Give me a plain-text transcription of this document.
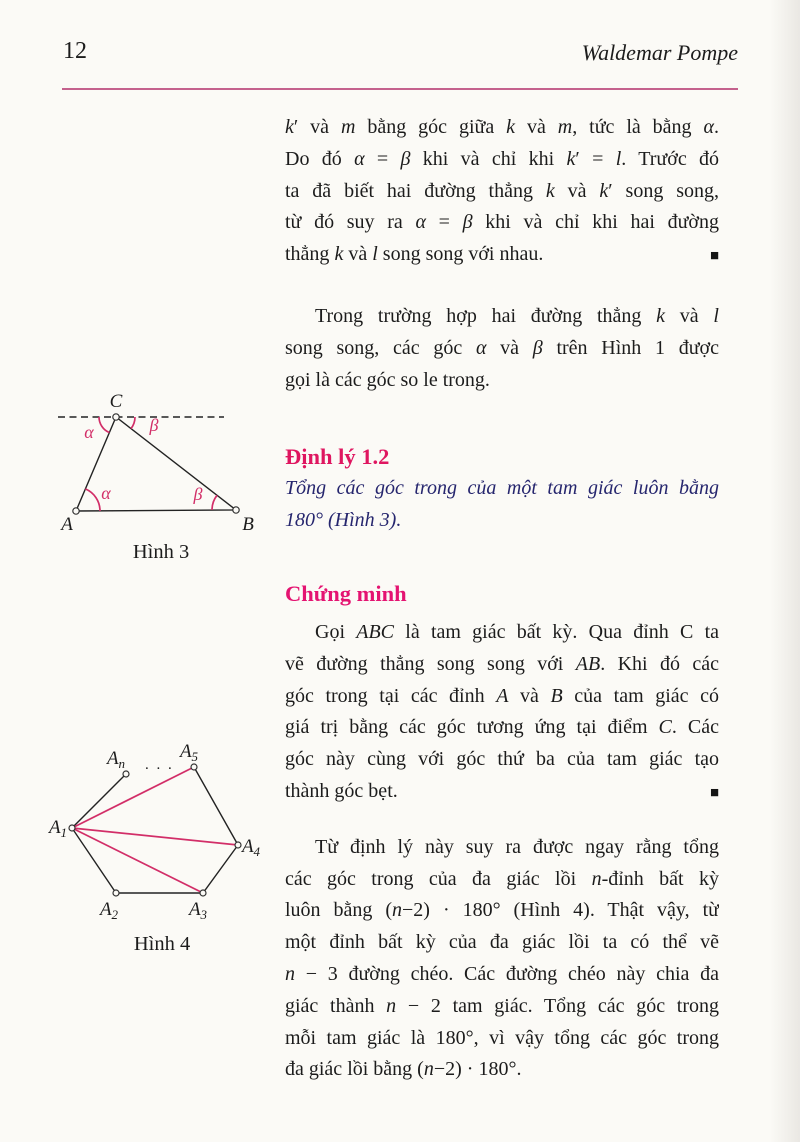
12	Waldemar Pompe
C
A	B
α	β
α	β
Hình 3
$A_1$
$A_2$	$A_3$
$A_4$
$A_5$
$A_n$ . . .
Hình 4
k′ và m bằng góc giữa k và m, tức là bằng α.
Do đó α = β khi và chỉ khi k′ = l. Trước đó
ta đã biết hai đường thẳng k và k′ song song,
từ đó suy ra α = β khi và chỉ khi hai đường
thẳng k và l song song với nhau.	■
Trong trường hợp hai đường thẳng k và l
song song, các góc α và β trên Hình 1 được
gọi là các góc so le trong.
Định lý 1.2
Tổng các góc trong của một tam giác luôn bằng
180° (Hình 3).
Chứng minh
Gọi ABC là tam giác bất kỳ. Qua đỉnh C ta
vẽ đường thẳng song song với AB. Khi đó các
góc trong tại các đỉnh A và B của tam giác có
giá trị bằng các góc tương ứng tại điểm C. Các
góc này cùng với góc thứ ba của tam giác tạo
thành góc bẹt.	■
Từ định lý này suy ra được ngay rằng tổng
các góc trong của đa giác lồi n-đỉnh bất kỳ
luôn bằng (n−2) · 180° (Hình 4). Thật vậy, từ
một đỉnh bất kỳ của đa giác lồi ta có thể vẽ
n − 3 đường chéo. Các đường chéo này chia đa
giác thành n − 2 tam giác. Tổng các góc trong
mỗi tam giác là 180°, vì vậy tổng các góc trong
đa giác lồi bằng (n−2) · 180°.
